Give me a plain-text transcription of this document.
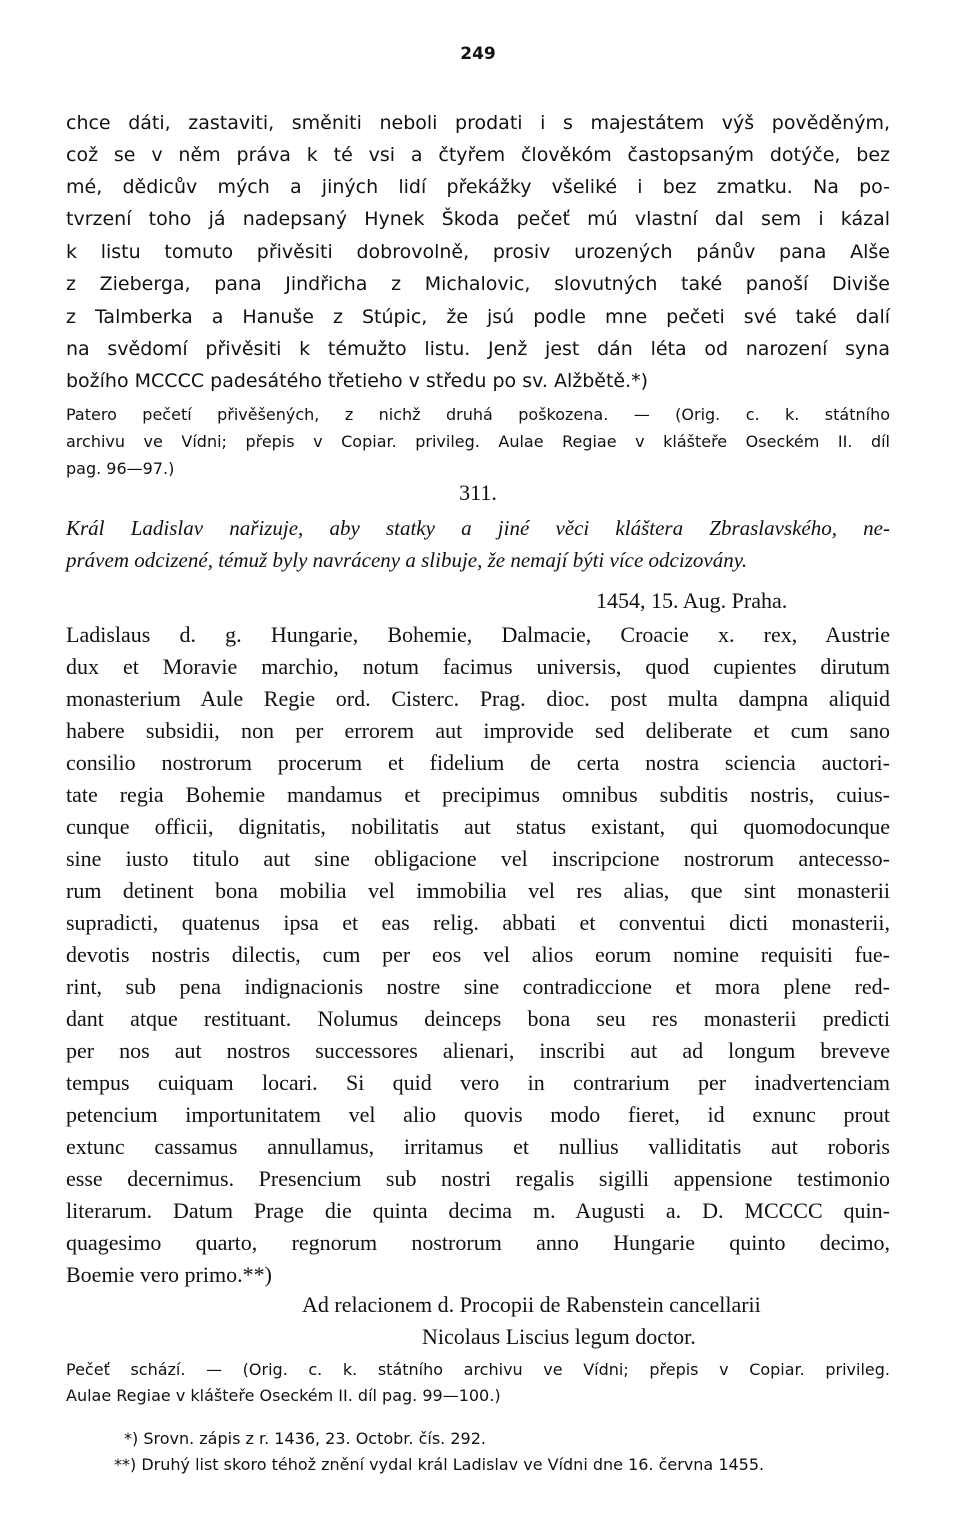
249
chce dáti, zastaviti, směniti neboli prodati i s majestátem výš pověděným,
což se v něm práva k té vsi a čtyřem člověkóm častopsaným dotýče, bez
mé, dědicův mých a jiných lidí překážky všeliké i bez zmatku. Na po-
tvrzení toho já nadepsaný Hynek Škoda pečeť mú vlastní dal sem i kázal
k listu tomuto přivěsiti dobrovolně, prosiv urozených pánův pana Alše
z Zieberga, pana Jindřicha z Michalovic, slovutných také panoší Diviše
z Talmberka a Hanuše z Stúpic, že jsú podle mne pečeti své také dalí
na svědomí přivěsiti k témužto listu. Jenž jest dán léta od narození syna
božího MCCCC padesátého třetieho v středu po sv. Alžbětě.*)
Patero pečetí přivěšených, z nichž druhá poškozena. — (Orig. c. k. státního
archivu ve Vídni; přepis v Copiar. privileg. Aulae Regiae v klášteře Oseckém II. díl
pag. 96—97.)
311.
Král Ladislav nařizuje, aby statky a jiné věci kláštera Zbraslavského, ne-
právem odcizené, témuž byly navráceny a slibuje, že nemají býti více odcizovány.
1454, 15. Aug. Praha.
Ladislaus d. g. Hungarie, Bohemie, Dalmacie, Croacie x. rex, Austrie
dux et Moravie marchio, notum facimus universis, quod cupientes dirutum
monasterium Aule Regie ord. Cisterc. Prag. dioc. post multa dampna aliquid
habere subsidii, non per errorem aut improvide sed deliberate et cum sano
consilio nostrorum procerum et fidelium de certa nostra sciencia auctori-
tate regia Bohemie mandamus et precipimus omnibus subditis nostris, cuius-
cunque officii, dignitatis, nobilitatis aut status existant, qui quomodocunque
sine iusto titulo aut sine obligacione vel inscripcione nostrorum antecesso-
rum detinent bona mobilia vel immobilia vel res alias, que sint monasterii
supradicti, quatenus ipsa et eas relig. abbati et conventui dicti monasterii,
devotis nostris dilectis, cum per eos vel alios eorum nomine requisiti fue-
rint, sub pena indignacionis nostre sine contradiccione et mora plene red-
dant atque restituant. Nolumus deinceps bona seu res monasterii predicti
per nos aut nostros successores alienari, inscribi aut ad longum breveve
tempus cuiquam locari. Si quid vero in contrarium per inadvertenciam
petencium importunitatem vel alio quovis modo fieret, id exnunc prout
extunc cassamus annullamus, irritamus et nullius valliditatis aut roboris
esse decernimus. Presencium sub nostri regalis sigilli appensione testimonio
literarum. Datum Prage die quinta decima m. Augusti a. D. MCCCC quin-
quagesimo quarto, regnorum nostrorum anno Hungarie quinto decimo,
Boemie vero primo.**)
Ad relacionem d. Procopii de Rabenstein cancellarii
Nicolaus Liscius legum doctor.
Pečeť schází. — (Orig. c. k. státního archivu ve Vídni; přepis v Copiar. privileg.
Aulae Regiae v klášteře Oseckém II. díl pag. 99—100.)
*) Srovn. zápis z r. 1436, 23. Octobr. čís. 292.
**) Druhý list skoro téhož znění vydal král Ladislav ve Vídni dne 16. června 1455.
